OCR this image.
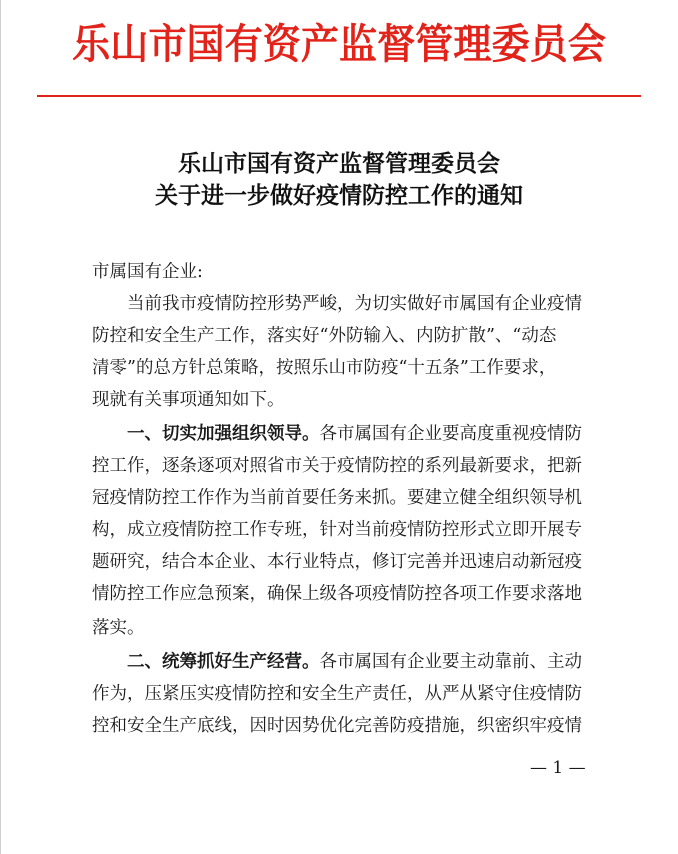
乐山市国有资产监督管理委员会
乐山市国有资产监督管理委员会
关于进一步做好疫情防控工作的通知
市属国有企业:
当前我市疫情防控形势严峻，为切实做好市属国有企业疫情
防控和安全生产工作，落实好“外防输入、内防扩散”、“动态
清零”的总方针总策略，按照乐山市防疫“十五条”工作要求，
现就有关事项通知如下。
一、切实加强组织领导。各市属国有企业要高度重视疫情防
控工作，逐条逐项对照省市关于疫情防控的系列最新要求，把新
冠疫情防控工作作为当前首要任务来抓。要建立健全组织领导机
构，成立疫情防控工作专班，针对当前疫情防控形式立即开展专
题研究，结合本企业、本行业特点，修订完善并迅速启动新冠疫
情防控工作应急预案，确保上级各项疫情防控各项工作要求落地
落实。
二、统筹抓好生产经营。各市属国有企业要主动靠前、主动
作为，压紧压实疫情防控和安全生产责任，从严从紧守住疫情防
控和安全生产底线，因时因势优化完善防疫措施，织密织牢疫情
— 1 —
